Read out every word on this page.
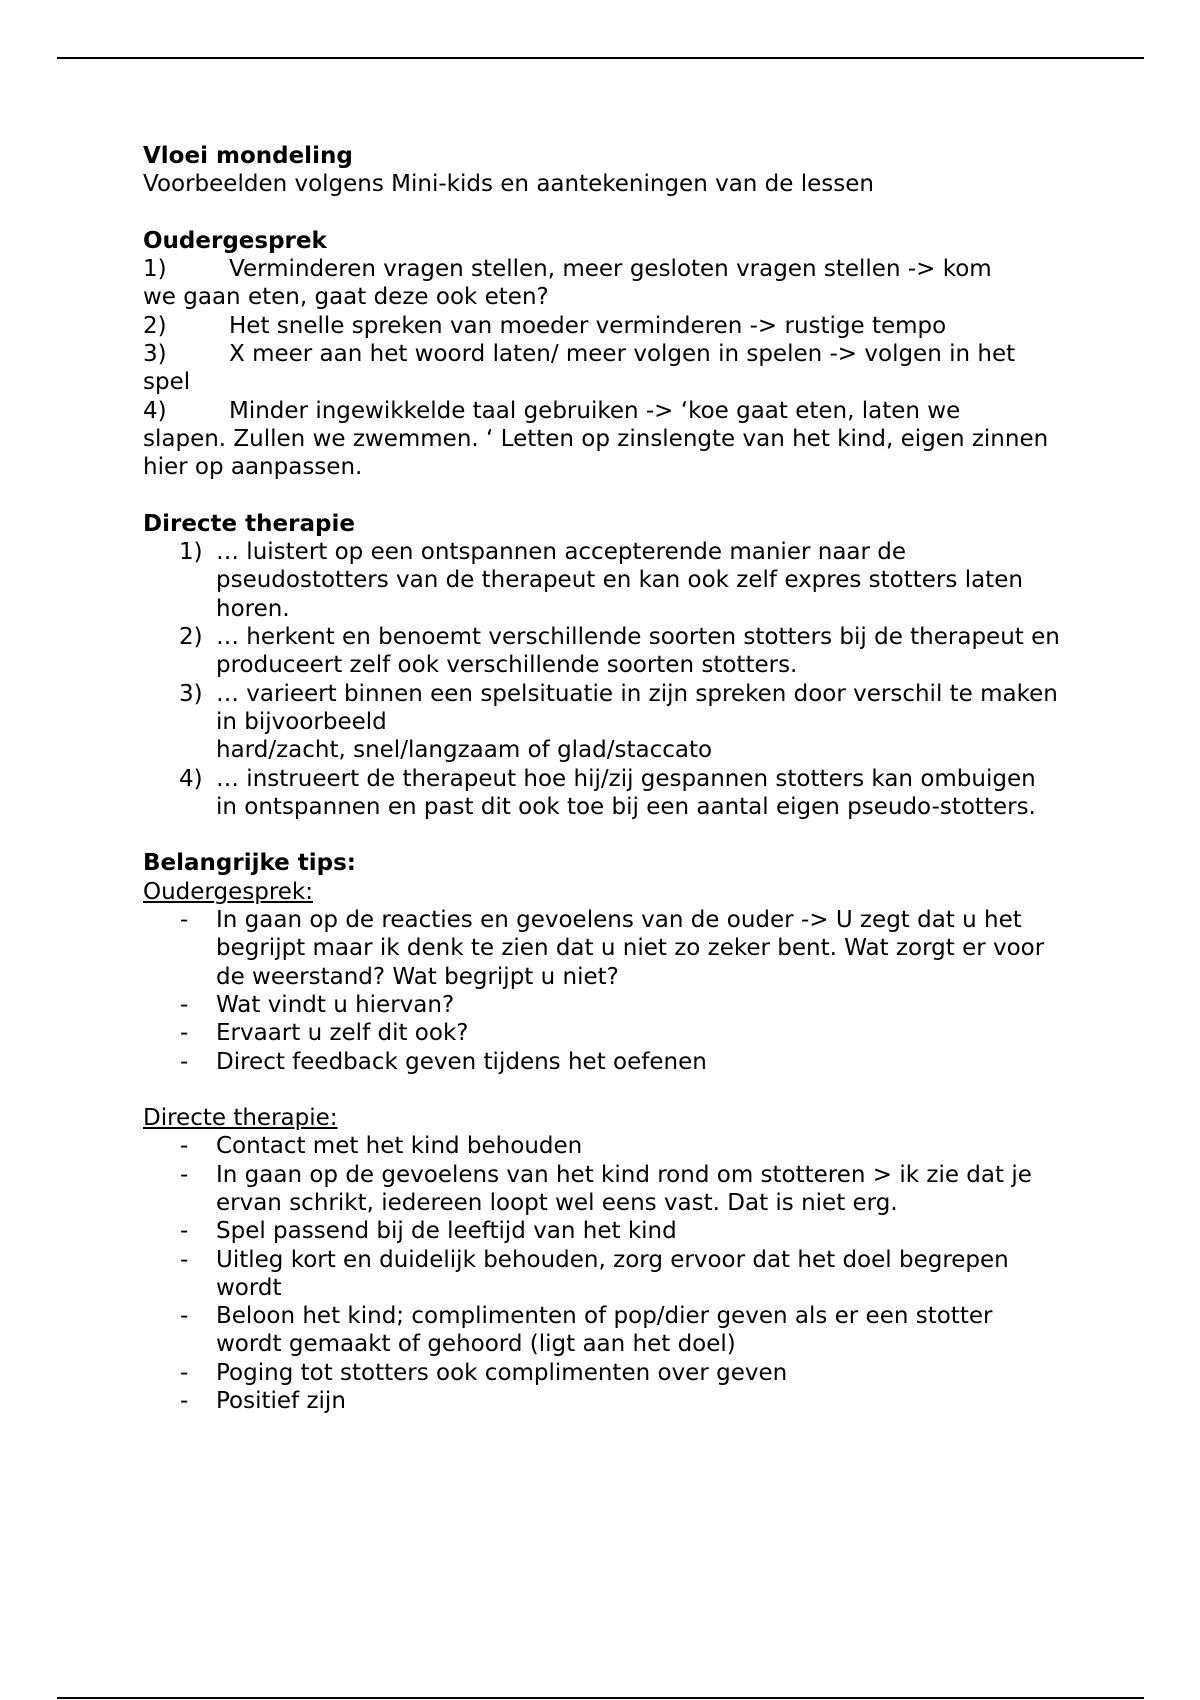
Vloei mondeling
Voorbeelden volgens Mini-kids en aantekeningen van de lessen
Oudergesprek
1)	Verminderen vragen stellen, meer gesloten vragen stellen -> kom
we gaan eten, gaat deze ook eten?
2)	Het snelle spreken van moeder verminderen -> rustige tempo
3)	X meer aan het woord laten/ meer volgen in spelen -> volgen in het
spel
4)	Minder ingewikkelde taal gebruiken -> ‘koe gaat eten, laten we
slapen. Zullen we zwemmen. ‘ Letten op zinslengte van het kind, eigen zinnen hier op aanpassen.
Directe therapie
1) … luistert op een ontspannen accepterende manier naar de pseudostotters van de therapeut en kan ook zelf expres stotters laten horen.
2) … herkent en benoemt verschillende soorten stotters bij de therapeut en produceert zelf ook verschillende soorten stotters.
3) … varieert binnen een spelsituatie in zijn spreken door verschil te maken in bijvoorbeeld
hard/zacht, snel/langzaam of glad/staccato
4) … instrueert de therapeut hoe hij/zij gespannen stotters kan ombuigen in ontspannen en past dit ook toe bij een aantal eigen pseudo-stotters.
Belangrijke tips:
Oudergesprek:
- In gaan op de reacties en gevoelens van de ouder -> U zegt dat u het begrijpt maar ik denk te zien dat u niet zo zeker bent. Wat zorgt er voor de weerstand? Wat begrijpt u niet?
- Wat vindt u hiervan?
- Ervaart u zelf dit ook?
- Direct feedback geven tijdens het oefenen
Directe therapie:
- Contact met het kind behouden
- In gaan op de gevoelens van het kind rond om stotteren > ik zie dat je ervan schrikt, iedereen loopt wel eens vast. Dat is niet erg.
- Spel passend bij de leeftijd van het kind
- Uitleg kort en duidelijk behouden, zorg ervoor dat het doel begrepen wordt
- Beloon het kind; complimenten of pop/dier geven als er een stotter wordt gemaakt of gehoord (ligt aan het doel)
- Poging tot stotters ook complimenten over geven
- Positief zijn
